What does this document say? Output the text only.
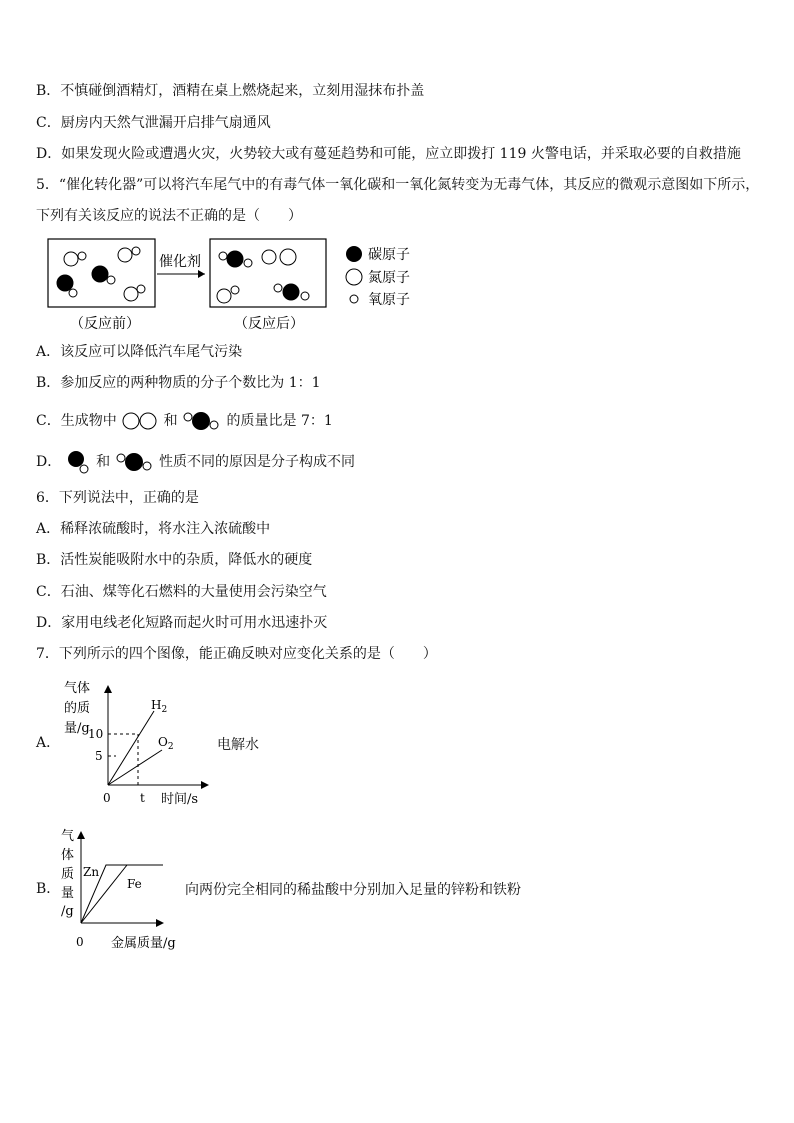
B．不慎碰倒酒精灯，酒精在桌上燃烧起来，立刻用湿抹布扑盖
C．厨房内天然气泄漏开启排气扇通风
D．如果发现火险或遭遇火灾，火势较大或有蔓延趋势和可能，应立即拨打 119 火警电话，并采取必要的自救措施
5．“催化转化器”可以将汽车尾气中的有毒气体一氧化碳和一氧化氮转变为无毒气体，其反应的微观示意图如下所示，
下列有关该反应的说法不正确的是（　　）
催化剂	碳原子
氮原子
氧原子
（反应前）	（反应后）
A．该反应可以降低汽车尾气污染
B．参加反应的两种物质的分子个数比为 1：1
C．生成物中	和	的质量比是 7：1
D． 和	性质不同的原因是分子构成不同
6．下列说法中，正确的是
A．稀释浓硫酸时，将水注入浓硫酸中
B．活性炭能吸附水中的杂质，降低水的硬度
C．石油、煤等化石燃料的大量使用会污染空气
D．家用电线老化短路而起火时可用水迅速扑灭
7．下列所示的四个图像，能正确反映对应变化关系的是（　　）
A．
气体
的质
量/g
10
5
0 t 时间/s
$H_2$
$O_2$	电解水
B．
气
体
质
量
/g
Zn
Fe
0 金属质量/g
向两份完全相同的稀盐酸中分别加入足量的锌粉和铁粉
